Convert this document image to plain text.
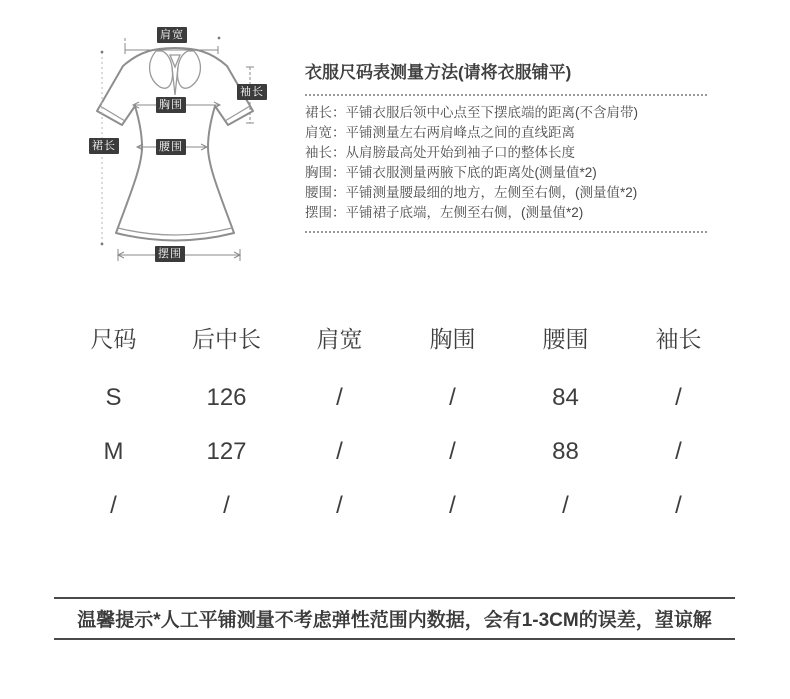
肩宽
袖长
胸围
腰围
裙长
摆围
衣服尺码表测量方法(请将衣服铺平)
裙长：平铺衣服后领中心点至下摆底端的距离(不含肩带)
肩宽：平铺测量左右两肩峰点之间的直线距离
袖长：从肩膀最高处开始到袖子口的整体长度
胸围：平铺衣服测量两腋下底的距离处(测量值*2)
腰围：平铺测量腰最细的地方，左侧至右侧，(测量值*2)
摆围：平铺裙子底端，左侧至右侧，(测量值*2)
尺码	后中长	肩宽	胸围	腰围	袖长
S	126	/	/	84	/
M	127	/	/	88	/
/	/	/	/	/	/
温馨提示*人工平铺测量不考虑弹性范围内数据，会有1-3CM的误差，望谅解
